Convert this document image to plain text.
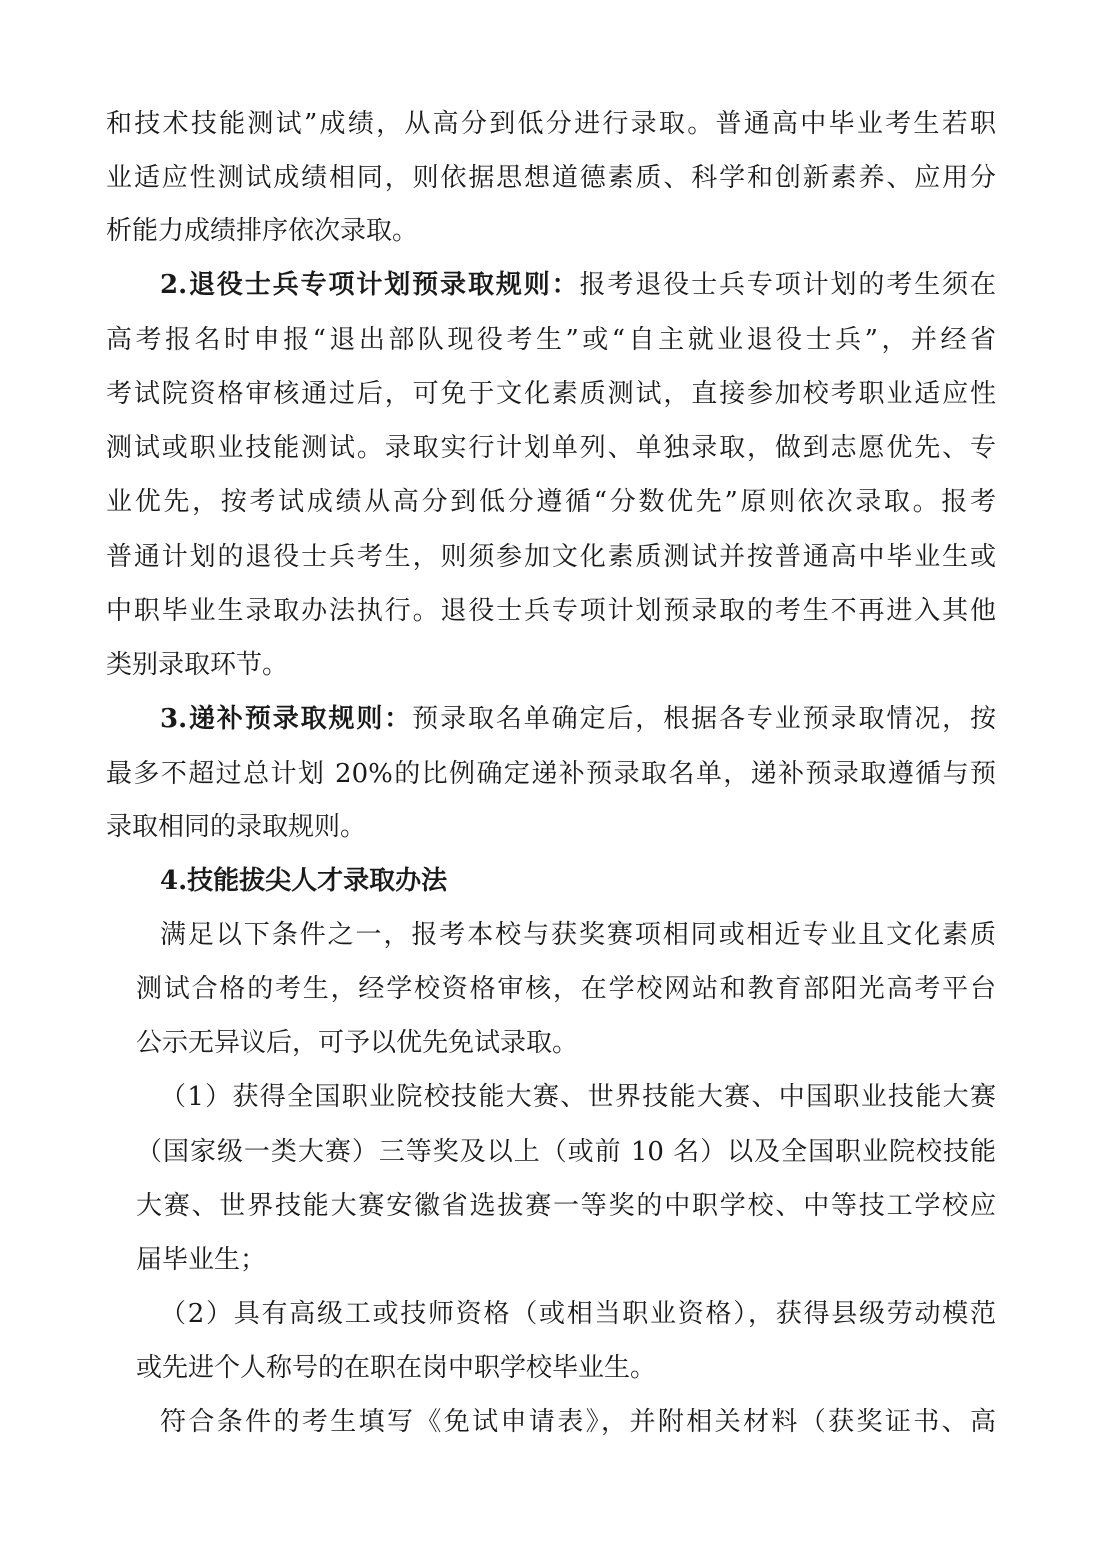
和技术技能测试”成绩，从高分到低分进行录取。普通高中毕业考生若职
业适应性测试成绩相同，则依据思想道德素质、科学和创新素养、应用分
析能力成绩排序依次录取。
2.退役士兵专项计划预录取规则：报考退役士兵专项计划的考生须在
高考报名时申报“退出部队现役考生”或“自主就业退役士兵”，并经省
考试院资格审核通过后，可免于文化素质测试，直接参加校考职业适应性
测试或职业技能测试。录取实行计划单列、单独录取，做到志愿优先、专
业优先，按考试成绩从高分到低分遵循“分数优先”原则依次录取。报考
普通计划的退役士兵考生，则须参加文化素质测试并按普通高中毕业生或
中职毕业生录取办法执行。退役士兵专项计划预录取的考生不再进入其他
类别录取环节。
3.递补预录取规则：预录取名单确定后，根据各专业预录取情况，按
最多不超过总计划 20%的比例确定递补预录取名单，递补预录取遵循与预
录取相同的录取规则。
4.技能拔尖人才录取办法
满足以下条件之一，报考本校与获奖赛项相同或相近专业且文化素质
测试合格的考生，经学校资格审核，在学校网站和教育部阳光高考平台
公示无异议后，可予以优先免试录取。
（1）获得全国职业院校技能大赛、世界技能大赛、中国职业技能大赛
（国家级一类大赛）三等奖及以上（或前 10 名）以及全国职业院校技能
大赛、世界技能大赛安徽省选拔赛一等奖的中职学校、中等技工学校应
届毕业生；
（2）具有高级工或技师资格（或相当职业资格），获得县级劳动模范
或先进个人称号的在职在岗中职学校毕业生。
符合条件的考生填写《免试申请表》，并附相关材料（获奖证书、高
